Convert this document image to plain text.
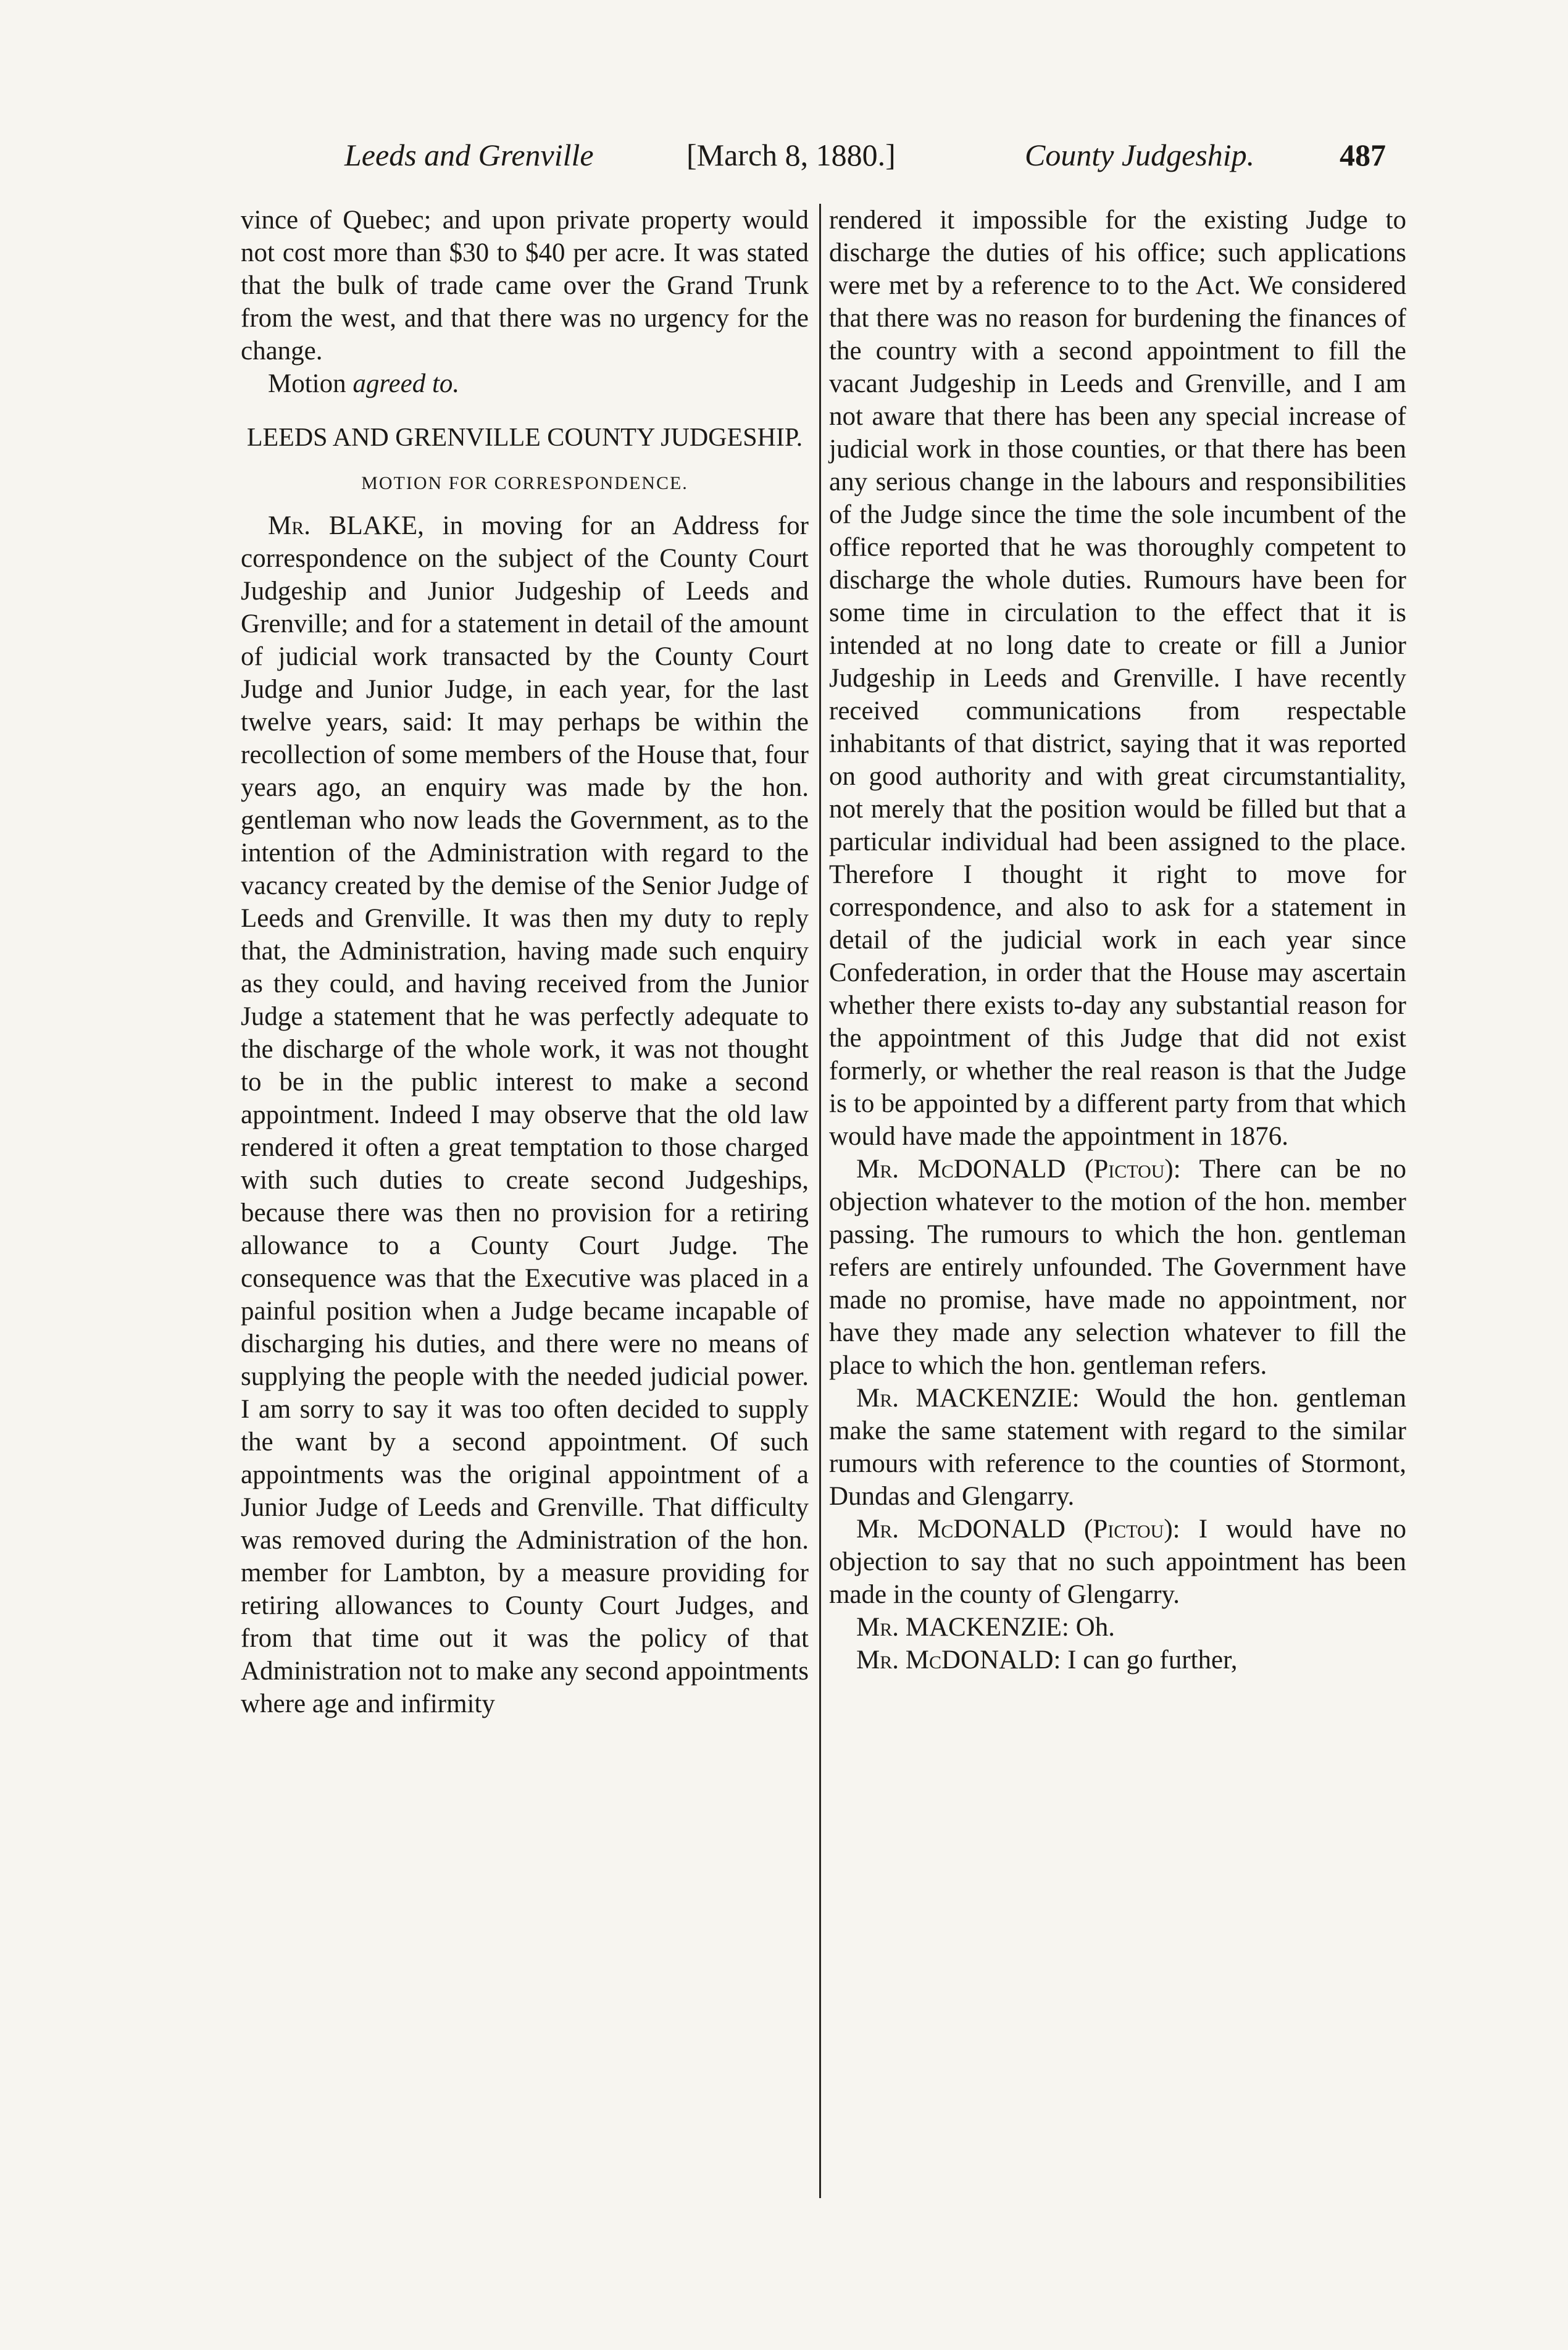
Leeds and Grenville	[March 8, 1880.]	County Judgeship.	487

vince of Quebec; and upon private property would not cost more than $30 to $40 per acre. It was stated that the bulk of trade came over the Grand Trunk from the west, and that there was no urgency for the change.

Motion agreed to.

LEEDS AND GRENVILLE COUNTY JUDGESHIP.
MOTION FOR CORRESPONDENCE.

Mr. BLAKE, in moving for an Address for correspondence on the subject of the County Court Judgeship and Junior Judgeship of Leeds and Grenville; and for a statement in detail of the amount of judicial work transacted by the County Court Judge and Junior Judge, in each year, for the last twelve years, said: It may perhaps be within the recollection of some members of the House that, four years ago, an enquiry was made by the hon. gentleman who now leads the Government, as to the intention of the Administration with regard to the vacancy created by the demise of the Senior Judge of Leeds and Grenville. It was then my duty to reply that, the Administration, having made such enquiry as they could, and having received from the Junior Judge a statement that he was perfectly adequate to the discharge of the whole work, it was not thought to be in the public interest to make a second appointment. Indeed I may observe that the old law rendered it often a great temptation to those charged with such duties to create second Judgeships, because there was then no provision for a retiring allowance to a County Court Judge. The consequence was that the Executive was placed in a painful position when a Judge became incapable of discharging his duties, and there were no means of supplying the people with the needed judicial power. I am sorry to say it was too often decided to supply the want by a second appointment. Of such appointments was the original appointment of a Junior Judge of Leeds and Grenville. That difficulty was removed during the Administration of the hon. member for Lambton, by a measure providing for retiring allowances to County Court Judges, and from that time out it was the policy of that Administration not to make any second appointments where age and infirmity

rendered it impossible for the existing Judge to discharge the duties of his office; such applications were met by a reference to to the Act. We considered that there was no reason for burdening the finances of the country with a second appointment to fill the vacant Judgeship in Leeds and Grenville, and I am not aware that there has been any special increase of judicial work in those counties, or that there has been any serious change in the labours and responsibilities of the Judge since the time the sole incumbent of the office reported that he was thoroughly competent to discharge the whole duties. Rumours have been for some time in circulation to the effect that it is intended at no long date to create or fill a Junior Judgeship in Leeds and Grenville. I have recently received communications from respectable inhabitants of that district, saying that it was reported on good authority and with great circumstantiality, not merely that the position would be filled but that a particular individual had been assigned to the place. Therefore I thought it right to move for correspondence, and also to ask for a statement in detail of the judicial work in each year since Confederation, in order that the House may ascertain whether there exists to-day any substantial reason for the appointment of this Judge that did not exist formerly, or whether the real reason is that the Judge is to be appointed by a different party from that which would have made the appointment in 1876.

Mr. McDONALD (Pictou): There can be no objection whatever to the motion of the hon. member passing. The rumours to which the hon. gentleman refers are entirely unfounded. The Government have made no promise, have made no appointment, nor have they made any selection whatever to fill the place to which the hon. gentleman refers.

Mr. MACKENZIE: Would the hon. gentleman make the same statement with regard to the similar rumours with reference to the counties of Stormont, Dundas and Glengarry.

Mr. McDONALD (Pictou): I would have no objection to say that no such appointment has been made in the county of Glengarry.

Mr. MACKENZIE: Oh.

Mr. McDONALD: I can go further,
